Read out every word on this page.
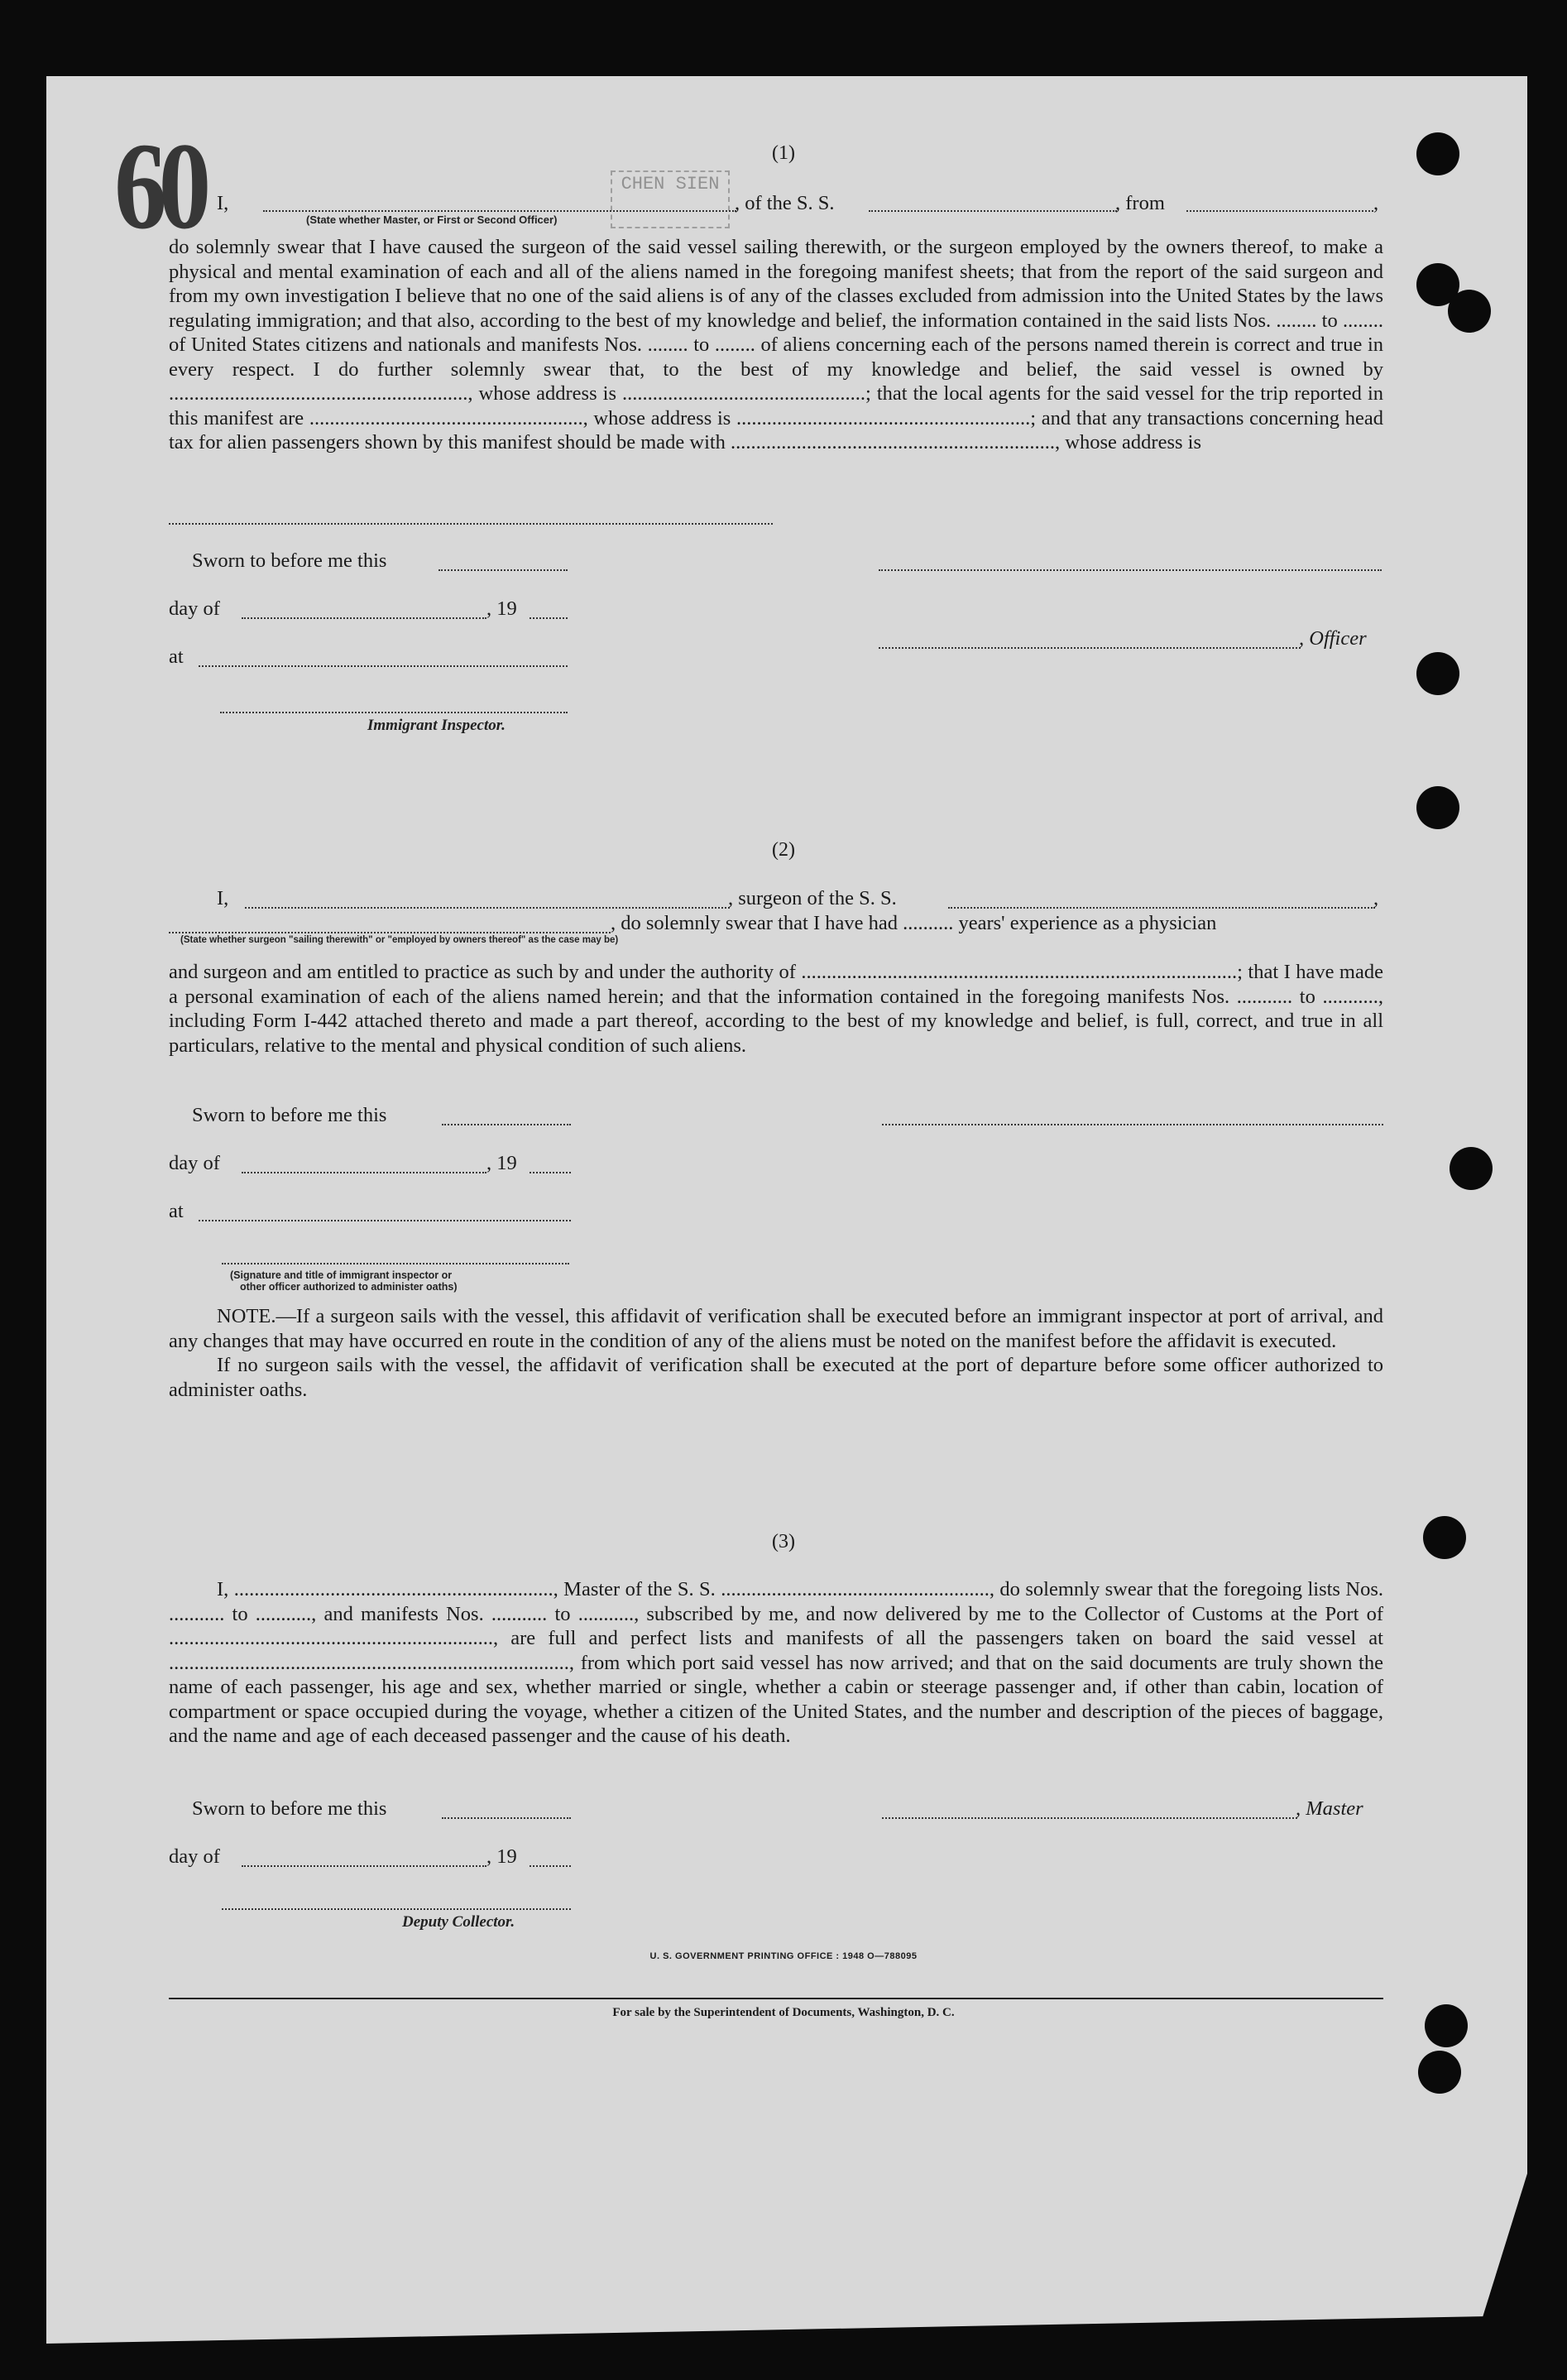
60	CHEN SIEN
(1)
I,	, of the S. S.	, from	,
(State whether Master, or First or Second Officer)

do solemnly swear that I have caused the surgeon of the said vessel sailing therewith, or the surgeon employed by the owners thereof, to make a physical and mental examination of each and all of the aliens named in the foregoing manifest sheets; that from the report of the said surgeon and from my own investigation I believe that no one of the said aliens is of any of the classes excluded from admission into the United States by the laws regulating immigration; and that also, according to the best of my knowledge and belief, the information contained in the said lists Nos. ........ to ........ of United States citizens and nationals and manifests Nos. ........ to ........ of aliens concerning each of the persons named therein is correct and true in every respect. I do further solemnly swear that, to the best of my knowledge and belief, the said vessel is owned by ..........................................................., whose address is ................................................; that the local agents for the said vessel for the trip reported in this manifest are ......................................................, whose address is ..........................................................; and that any transactions concerning head tax for alien passengers shown by this manifest should be made with ................................................................, whose address is

Sworn to before me this
day of	, 19
, Officer
at
Immigrant Inspector.
(2)
I,	, surgeon of the S. S.	,
, do solemnly swear that I have had .......... years' experience as a physician
(State whether surgeon "sailing therewith" or "employed by owners thereof" as the case may be)

and surgeon and am entitled to practice as such by and under the authority of ......................................................................................; that I have made a personal examination of each of the aliens named herein; and that the information contained in the foregoing manifests Nos. ........... to ..........., including Form I-442 attached thereto and made a part thereof, according to the best of my knowledge and belief, is full, correct, and true in all particulars, relative to the mental and physical condition of such aliens.

Sworn to before me this
day of	, 19
at
(Signature and title of immigrant inspector or
other officer authorized to administer oaths)

NOTE.—If a surgeon sails with the vessel, this affidavit of verification shall be executed before an immigrant inspector at port of arrival, and any changes that may have occurred en route in the condition of any of the aliens must be noted on the manifest before the affidavit is executed.

If no surgeon sails with the vessel, the affidavit of verification shall be executed at the port of departure before some officer authorized to administer oaths.

(3)

I, ..............................................................., Master of the S. S. ....................................................., do solemnly swear that the foregoing lists Nos. ........... to ..........., and manifests Nos. ........... to ..........., subscribed by me, and now delivered by me to the Collector of Customs at the Port of ................................................................, are full and perfect lists and manifests of all the passengers taken on board the said vessel at ..............................................................................., from which port said vessel has now arrived; and that on the said documents are truly shown the name of each passenger, his age and sex, whether married or single, whether a cabin or steerage passenger and, if other than cabin, location of compartment or space occupied during the voyage, whether a citizen of the United States, and the number and description of the pieces of baggage, and the name and age of each deceased passenger and the cause of his death.

Sworn to before me this	, Master
day of	, 19
Deputy Collector.
U. S. GOVERNMENT PRINTING OFFICE : 1948 O—788095
For sale by the Superintendent of Documents, Washington, D. C.
